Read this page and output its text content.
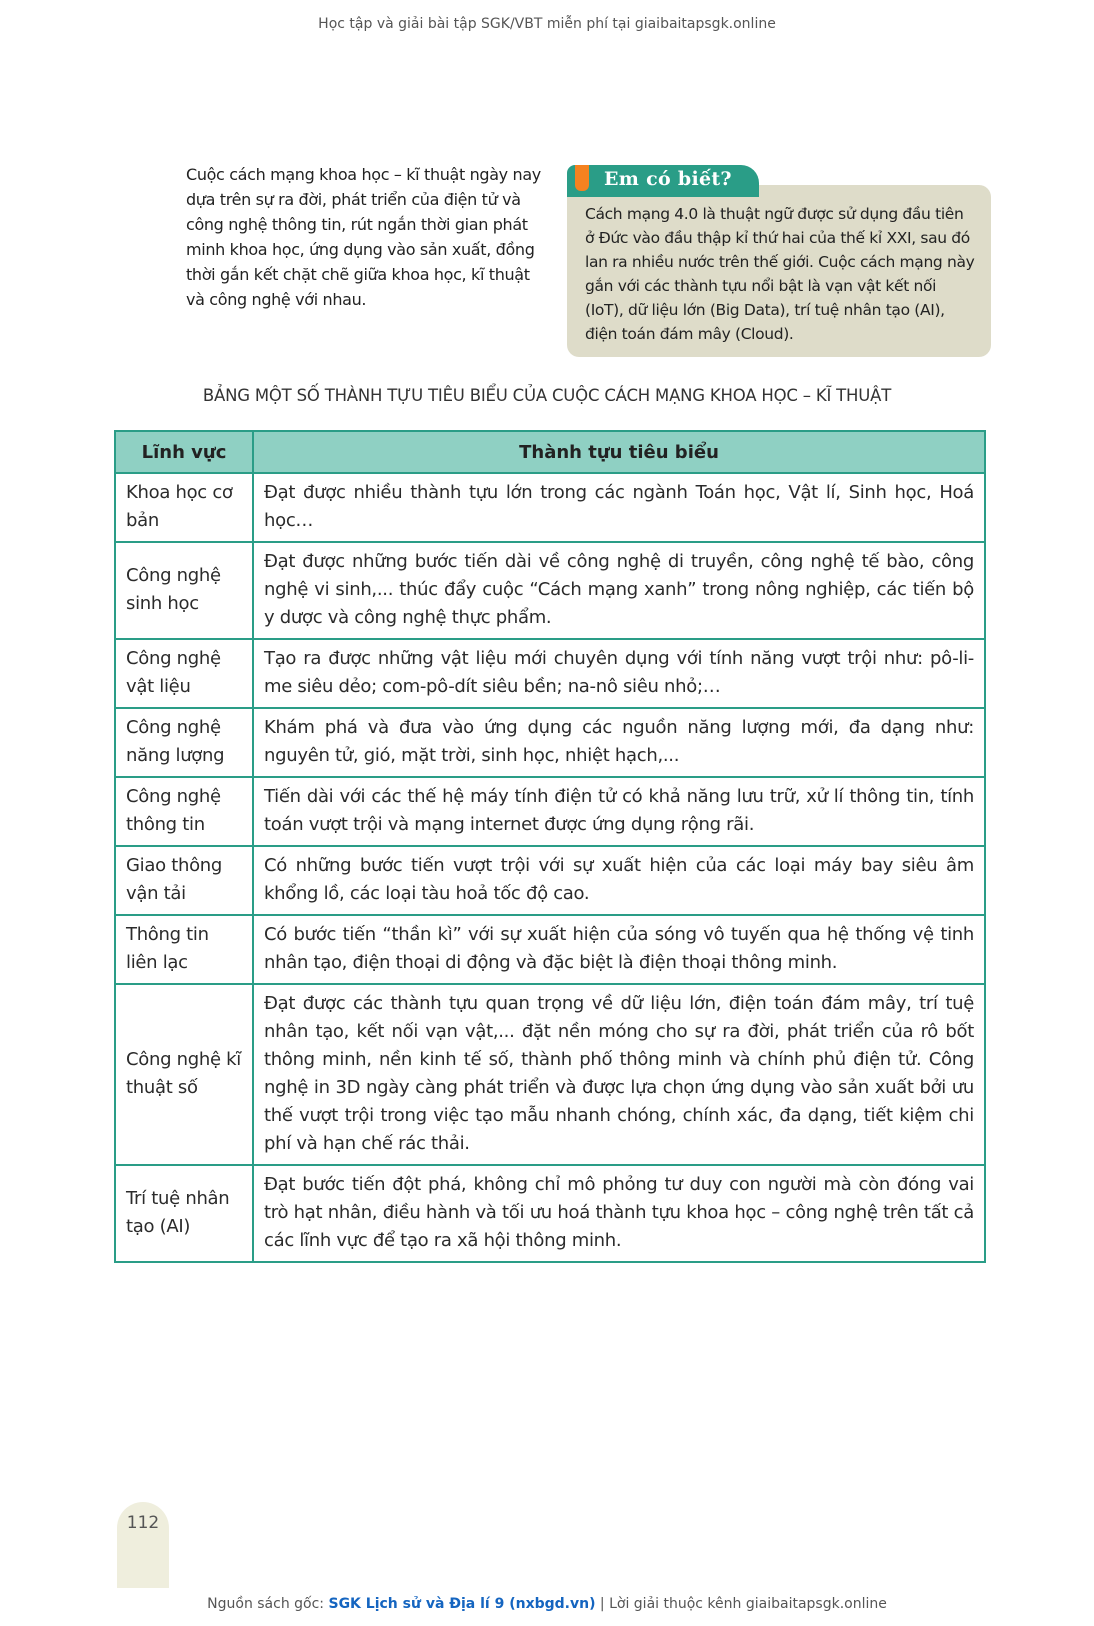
Học tập và giải bài tập SGK/VBT miễn phí tại giaibaitapsgk.online
Cuộc cách mạng khoa học – kĩ thuật ngày nay dựa trên sự ra đời, phát triển của điện tử và công nghệ thông tin, rút ngắn thời gian phát minh khoa học, ứng dụng vào sản xuất, đồng thời gắn kết chặt chẽ giữa khoa học, kĩ thuật và công nghệ với nhau.
Em có biết?
Cách mạng 4.0 là thuật ngữ được sử dụng đầu tiên ở Đức vào đầu thập kỉ thứ hai của thế kỉ XXI, sau đó lan ra nhiều nước trên thế giới. Cuộc cách mạng này gắn với các thành tựu nổi bật là vạn vật kết nối (IoT), dữ liệu lớn (Big Data), trí tuệ nhân tạo (AI), điện toán đám mây (Cloud).
BẢNG MỘT SỐ THÀNH TỰU TIÊU BIỂU CỦA CUỘC CÁCH MẠNG KHOA HỌC – KĨ THUẬT
Lĩnh vực	Thành tựu tiêu biểu
Khoa học cơ bản	Đạt được nhiều thành tựu lớn trong các ngành Toán học, Vật lí, Sinh học, Hoá học…
Công nghệ sinh học	Đạt được những bước tiến dài về công nghệ di truyền, công nghệ tế bào, công nghệ vi sinh,... thúc đẩy cuộc “Cách mạng xanh” trong nông nghiệp, các tiến bộ y dược và công nghệ thực phẩm.
Công nghệ vật liệu	Tạo ra được những vật liệu mới chuyên dụng với tính năng vượt trội như: pô-li-me siêu dẻo; com-pô-dít siêu bền; na-nô siêu nhỏ;…
Công nghệ năng lượng	Khám phá và đưa vào ứng dụng các nguồn năng lượng mới, đa dạng như: nguyên tử, gió, mặt trời, sinh học, nhiệt hạch,...
Công nghệ thông tin	Tiến dài với các thế hệ máy tính điện tử có khả năng lưu trữ, xử lí thông tin, tính toán vượt trội và mạng internet được ứng dụng rộng rãi.
Giao thông vận tải	Có những bước tiến vượt trội với sự xuất hiện của các loại máy bay siêu âm khổng lồ, các loại tàu hoả tốc độ cao.
Thông tin liên lạc	Có bước tiến “thần kì” với sự xuất hiện của sóng vô tuyến qua hệ thống vệ tinh nhân tạo, điện thoại di động và đặc biệt là điện thoại thông minh.
Công nghệ kĩ thuật số	Đạt được các thành tựu quan trọng về dữ liệu lớn, điện toán đám mây, trí tuệ nhân tạo, kết nối vạn vật,... đặt nền móng cho sự ra đời, phát triển của rô bốt thông minh, nền kinh tế số, thành phố thông minh và chính phủ điện tử. Công nghệ in 3D ngày càng phát triển và được lựa chọn ứng dụng vào sản xuất bởi ưu thế vượt trội trong việc tạo mẫu nhanh chóng, chính xác, đa dạng, tiết kiệm chi phí và hạn chế rác thải.
Trí tuệ nhân tạo (AI)	Đạt bước tiến đột phá, không chỉ mô phỏng tư duy con người mà còn đóng vai trò hạt nhân, điều hành và tối ưu hoá thành tựu khoa học – công nghệ trên tất cả các lĩnh vực để tạo ra xã hội thông minh.
112
Nguồn sách gốc: SGK Lịch sử và Địa lí 9 (nxbgd.vn) | Lời giải thuộc kênh giaibaitapsgk.online
